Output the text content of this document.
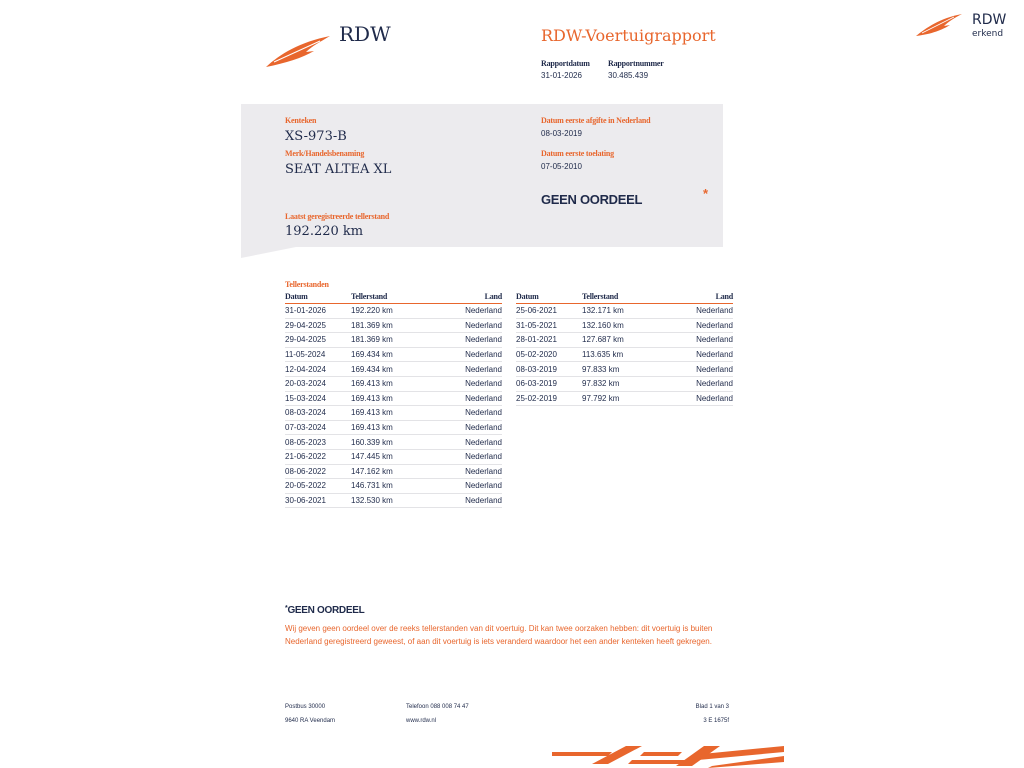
RDW
erkend
RDW	RDW-Voertuigrapport
Rapportdatum
31-01-2026
Rapportnummer
30.485.439
Kenteken
XS-973-B
Merk/Handelsbenaming
SEAT ALTEA XL
Datum eerste afgifte in Nederland
08-03-2019
Datum eerste toelating
07-05-2010
GEEN OORDEEL	*
Laatst geregistreerde tellerstand
192.220 km
Tellerstanden
Datum	Tellerstand	Land
31-01-2026	192.220 km	Nederland
29-04-2025	181.369 km	Nederland
29-04-2025	181.369 km	Nederland
11-05-2024	169.434 km	Nederland
12-04-2024	169.434 km	Nederland
20-03-2024	169.413 km	Nederland
15-03-2024	169.413 km	Nederland
08-03-2024	169.413 km	Nederland
07-03-2024	169.413 km	Nederland
08-05-2023	160.339 km	Nederland
21-06-2022	147.445 km	Nederland
08-06-2022	147.162 km	Nederland
20-05-2022	146.731 km	Nederland
30-06-2021	132.530 km	Nederland
Datum	Tellerstand	Land
25-06-2021	132.171 km	Nederland
31-05-2021	132.160 km	Nederland
28-01-2021	127.687 km	Nederland
05-02-2020	113.635 km	Nederland
08-03-2019	97.833 km	Nederland
06-03-2019	97.832 km	Nederland
25-02-2019	97.792 km	Nederland
*GEEN OORDEEL
Wij geven geen oordeel over de reeks tellerstanden van dit voertuig. Dit kan twee oorzaken hebben: dit voertuig is buiten Nederland geregistreerd geweest, of aan dit voertuig is iets veranderd waardoor het een ander kenteken heeft gekregen.
Postbus 30000
9640 RA Veendam
Telefoon 088 008 74 47
www.rdw.nl
Blad 1 van 3
3 E 1675f
